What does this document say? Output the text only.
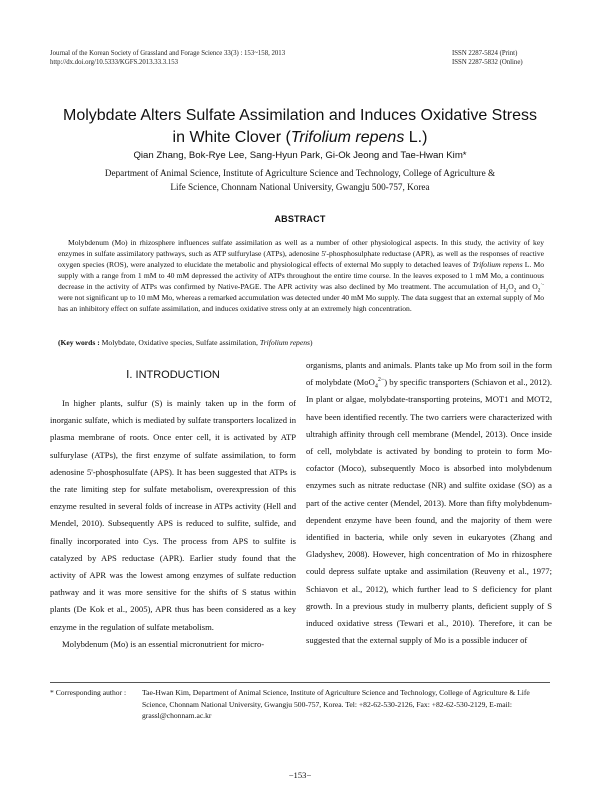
Journal of the Korean Society of Grassland and Forage Science 33(3) : 153~158, 2013
http://dx.doi.org/10.5333/KGFS.2013.33.3.153
ISSN 2287-5824 (Print)
ISSN 2287-5832 (Online)
Molybdate Alters Sulfate Assimilation and Induces Oxidative Stress
in White Clover (Trifolium repens L.)
Qian Zhang, Bok-Rye Lee, Sang-Hyun Park, Gi-Ok Jeong and Tae-Hwan Kim*
Department of Animal Science, Institute of Agriculture Science and Technology, College of Agriculture &
Life Science, Chonnam National University, Gwangju 500-757, Korea
ABSTRACT
Molybdenum (Mo) in rhizosphere influences sulfate assimilation as well as a number of other physiological aspects. In this study, the activity of key enzymes in sulfate assimilatory pathways, such as ATP sulfurylase (ATPs), adenosine 5'-phosphosulphate reductase (APR), as well as the responses of reactive oxygen species (ROS), were analyzed to elucidate the metabolic and physiological effects of external Mo supply to detached leaves of Trifolium repens L. Mo supply with a range from 1 mM to 40 mM depressed the activity of ATPs throughout the entire time course. In the leaves exposed to 1 mM Mo, a continuous decrease in the activity of ATPs was confirmed by Native-PAGE. The APR activity was also declined by Mo treatment. The accumulation of $H_2O_2$ and $O_2^{\cdot-}$ were not significant up to 10 mM Mo, whereas a remarked accumulation was detected under 40 mM Mo supply. The data suggest that an external supply of Mo has an inhibitory effect on sulfate assimilation, and induces oxidative stress only at an extremely high concentration.
(Key words : Molybdate, Oxidative species, Sulfate assimilation, Trifolium repens)
Ⅰ. INTRODUCTION

In higher plants, sulfur (S) is mainly taken up in the form of inorganic sulfate, which is mediated by sulfate transporters localized in plasma membrane of roots. Once enter cell, it is activated by ATP sulfurylase (ATPs), the first enzyme of sulfate assimilation, to form adenosine 5'-phosphosulfate (APS). It has been suggested that ATPs is the rate limiting step for sulfate metabolism, overexpression of this enzyme resulted in several folds of increase in ATPs activity (Hell and Mendel, 2010). Subsequently APS is reduced to sulfite, sulfide, and finally incorporated into Cys. The process from APS to sulfite is catalyzed by APS reductase (APR). Earlier study found that the activity of APR was the lowest among enzymes of sulfate reduction pathway and it was more sensitive for the shifts of S status within plants (De Kok et al., 2005), APR thus has been considered as a key enzyme in the regulation of sulfate metabolism.

Molybdenum (Mo) is an essential micronutrient for micro-

organisms, plants and animals. Plants take up Mo from soil in the form of molybdate (MoO$_4^{2-}$) by specific transporters (Schiavon et al., 2012). In plant or algae, molybdate-transporting proteins, MOT1 and MOT2, have been identified recently. The two carriers were characterized with ultrahigh affinity through cell membrane (Mendel, 2013). Once inside of cell, molybdate is activated by bonding to protein to form Mo-cofactor (Moco), subsequently Moco is absorbed into molybdenum enzymes such as nitrate reductase (NR) and sulfite oxidase (SO) as a part of the active center (Mendel, 2013). More than fifty molybdenum-dependent enzyme have been found, and the majority of them were identified in bacteria, while only seven in eukaryotes (Zhang and Gladyshev, 2008). However, high concentration of Mo in rhizosphere could depress sulfate uptake and assimilation (Reuveny et al., 1977; Schiavon et al., 2012), which further lead to S deficiency for plant growth. In a previous study in mulberry plants, deficient supply of S induced oxidative stress (Tewari et al., 2010). Therefore, it can be suggested that the external supply of Mo is a possible inducer of

* Corresponding author : Tae-Hwan Kim, Department of Animal Science, Institute of Agriculture Science and Technology, College of Agriculture & Life Science, Chonnam National University, Gwangju 500-757, Korea. Tel: +82-62-530-2126, Fax: +82-62-530-2129, E-mail: grassl@chonnam.ac.kr
−153−
